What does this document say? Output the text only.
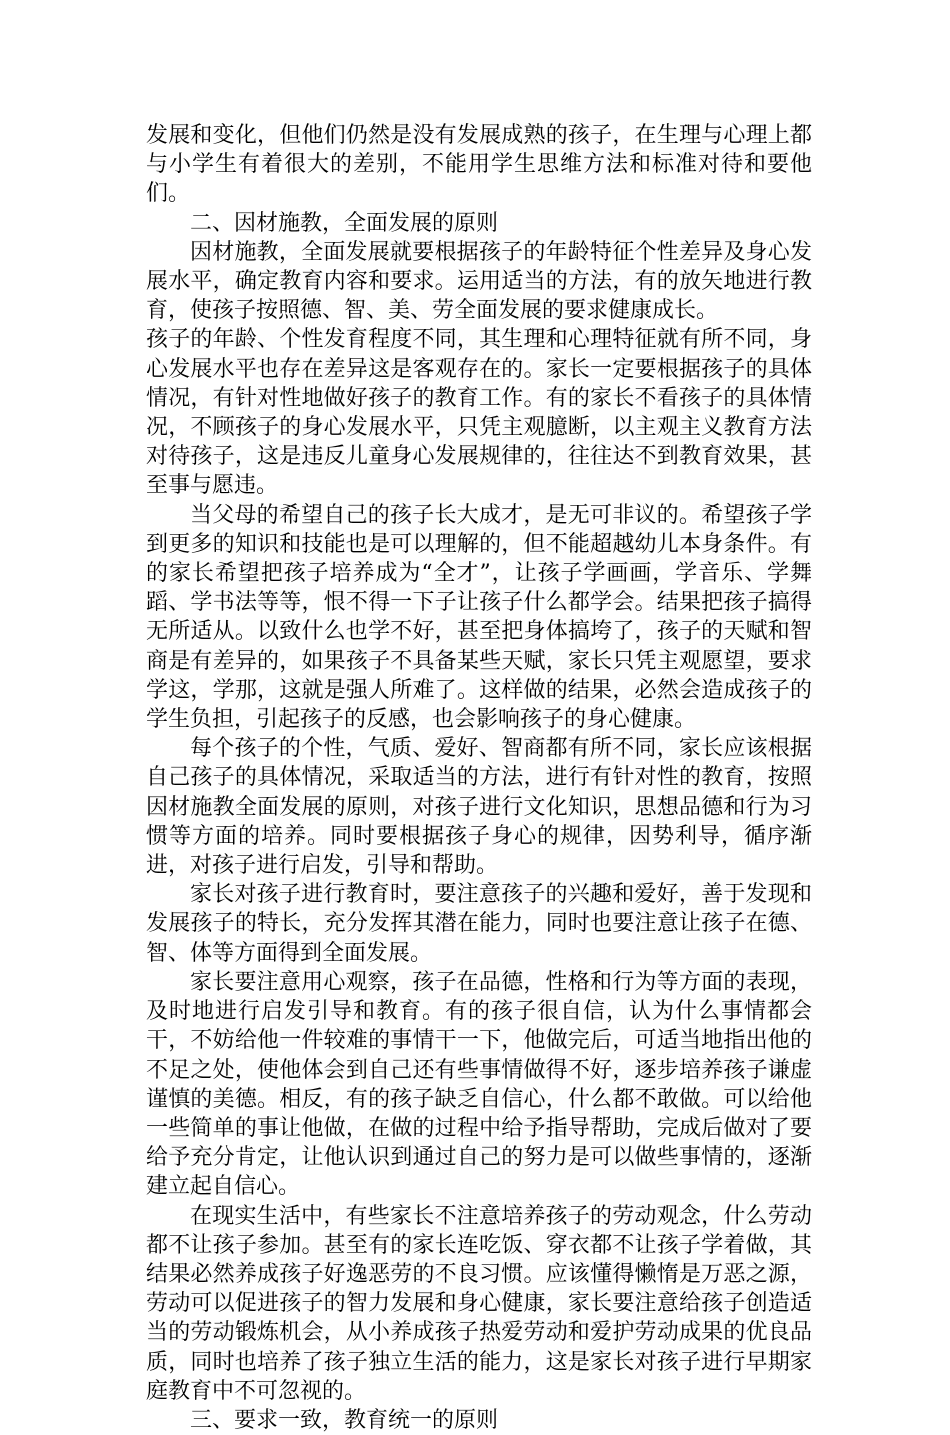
发展和变化，但他们仍然是没有发展成熟的孩子，在生理与心理上都与小学生有着很大的差别，不能用学生思维方法和标准对待和要他们。

二、因材施教，全面发展的原则

因材施教，全面发展就要根据孩子的年龄特征个性差异及身心发展水平，确定教育内容和要求。运用适当的方法，有的放矢地进行教育，使孩子按照德、智、美、劳全面发展的要求健康成长。

孩子的年龄、个性发育程度不同，其生理和心理特征就有所不同，身心发展水平也存在差异这是客观存在的。家长一定要根据孩子的具体情况，有针对性地做好孩子的教育工作。有的家长不看孩子的具体情况，不顾孩子的身心发展水平，只凭主观臆断，以主观主义教育方法对待孩子，这是违反儿童身心发展规律的，往往达不到教育效果，甚至事与愿违。

当父母的希望自己的孩子长大成才，是无可非议的。希望孩子学到更多的知识和技能也是可以理解的，但不能超越幼儿本身条件。有的家长希望把孩子培养成为“全才”，让孩子学画画，学音乐、学舞蹈、学书法等等，恨不得一下子让孩子什么都学会。结果把孩子搞得无所适从。以致什么也学不好，甚至把身体搞垮了，孩子的天赋和智商是有差异的，如果孩子不具备某些天赋，家长只凭主观愿望，要求学这，学那，这就是强人所难了。这样做的结果，必然会造成孩子的学生负担，引起孩子的反感，也会影响孩子的身心健康。

每个孩子的个性，气质、爱好、智商都有所不同，家长应该根据自己孩子的具体情况，采取适当的方法，进行有针对性的教育，按照因材施教全面发展的原则，对孩子进行文化知识，思想品德和行为习惯等方面的培养。同时要根据孩子身心的规律，因势利导，循序渐进，对孩子进行启发，引导和帮助。

家长对孩子进行教育时，要注意孩子的兴趣和爱好，善于发现和发展孩子的特长，充分发挥其潜在能力，同时也要注意让孩子在德、智、体等方面得到全面发展。

家长要注意用心观察，孩子在品德，性格和行为等方面的表现，及时地进行启发引导和教育。有的孩子很自信，认为什么事情都会干，不妨给他一件较难的事情干一下，他做完后，可适当地指出他的不足之处，使他体会到自己还有些事情做得不好，逐步培养孩子谦虚谨慎的美德。相反，有的孩子缺乏自信心，什么都不敢做。可以给他一些简单的事让他做，在做的过程中给予指导帮助，完成后做对了要给予充分肯定，让他认识到通过自己的努力是可以做些事情的，逐渐建立起自信心。

在现实生活中，有些家长不注意培养孩子的劳动观念，什么劳动都不让孩子参加。甚至有的家长连吃饭、穿衣都不让孩子学着做，其结果必然养成孩子好逸恶劳的不良习惯。应该懂得懒惰是万恶之源，劳动可以促进孩子的智力发展和身心健康，家长要注意给孩子创造适当的劳动锻炼机会，从小养成孩子热爱劳动和爱护劳动成果的优良品质，同时也培养了孩子独立生活的能力，这是家长对孩子进行早期家庭教育中不可忽视的。

三、要求一致，教育统一的原则
